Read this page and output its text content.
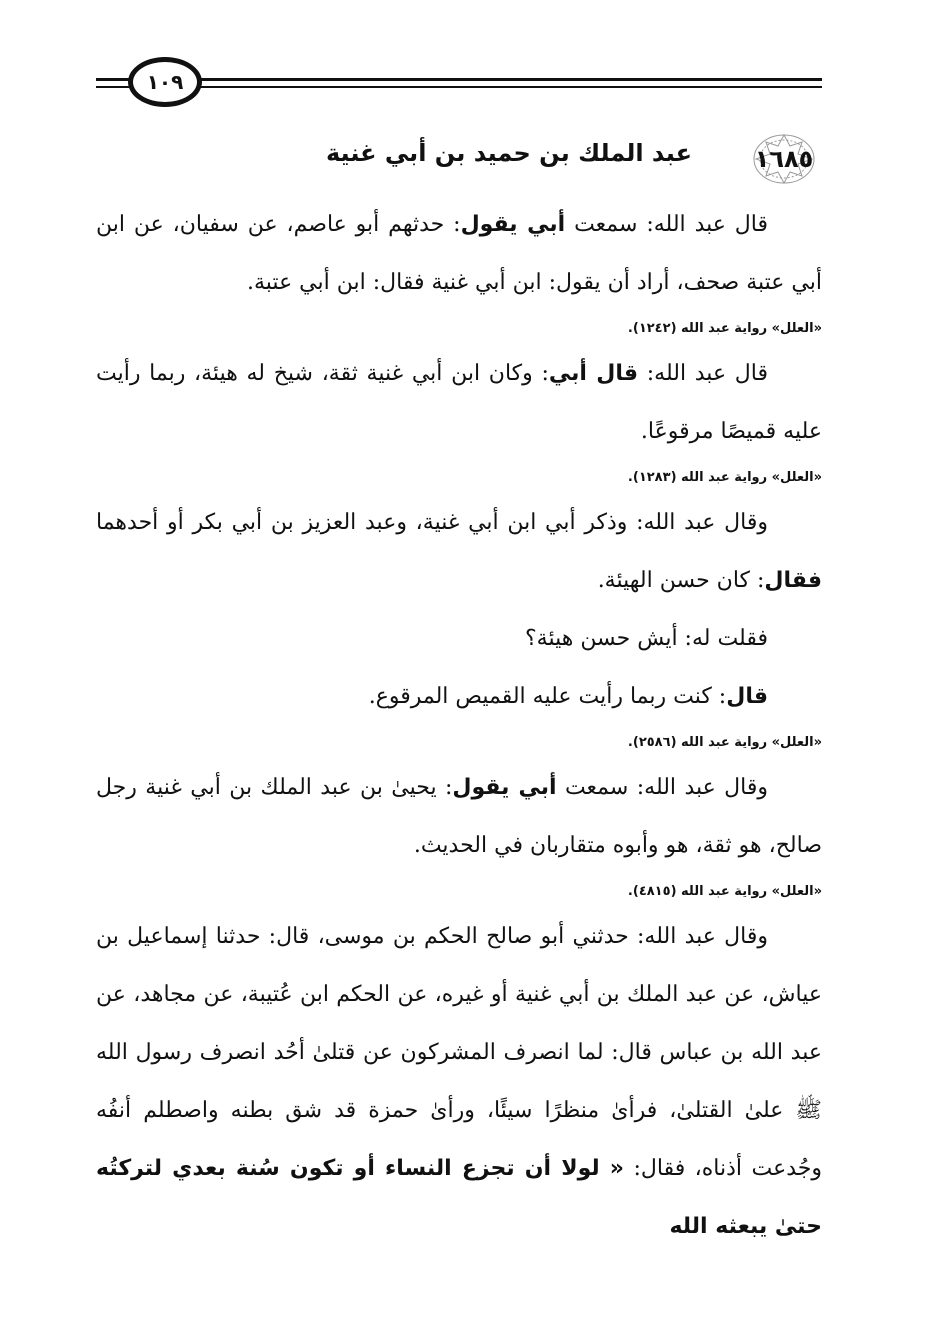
١٠٩
١٦٨٥
عبد الملك بن حميد بن أبي غنية

قال عبد الله: سمعت أبي يقول: حدثهم أبو عاصم، عن سفيان، عن ابن أبي عتبة صحف، أراد أن يقول: ابن أبي غنية فقال: ابن أبي عتبة.

«العلل» رواية عبد الله (١٢٤٢).

قال عبد الله: قال أبي: وكان ابن أبي غنية ثقة، شيخ له هيئة، ربما رأيت عليه قميصًا مرقوعًا.

«العلل» رواية عبد الله (١٢٨٣).

وقال عبد الله: وذكر أبي ابن أبي غنية، وعبد العزيز بن أبي بكر أو أحدهما فقال: كان حسن الهيئة.

فقلت له: أيش حسن هيئة؟

قال: كنت ربما رأيت عليه القميص المرقوع.

«العلل» رواية عبد الله (٢٥٨٦).

وقال عبد الله: سمعت أبي يقول: يحيىٰ بن عبد الملك بن أبي غنية رجل صالح، هو ثقة، هو وأبوه متقاربان في الحديث.

«العلل» رواية عبد الله (٤٨١٥).

وقال عبد الله: حدثني أبو صالح الحكم بن موسى، قال: حدثنا إسماعيل بن عياش، عن عبد الملك بن أبي غنية أو غيره، عن الحكم ابن عُتيبة، عن مجاهد، عن عبد الله بن عباس قال: لما انصرف المشركون عن قتلىٰ أحُد انصرف رسول الله ﷺ علىٰ القتلىٰ، فرأىٰ منظرًا سيئًا، ورأىٰ حمزة قد شق بطنه واصطلم أنفُه وجُدعت أذناه، فقال: « لولا أن تجزع النساء أو تكون سُنة بعدي لتركتُه حتىٰ يبعثه الله
